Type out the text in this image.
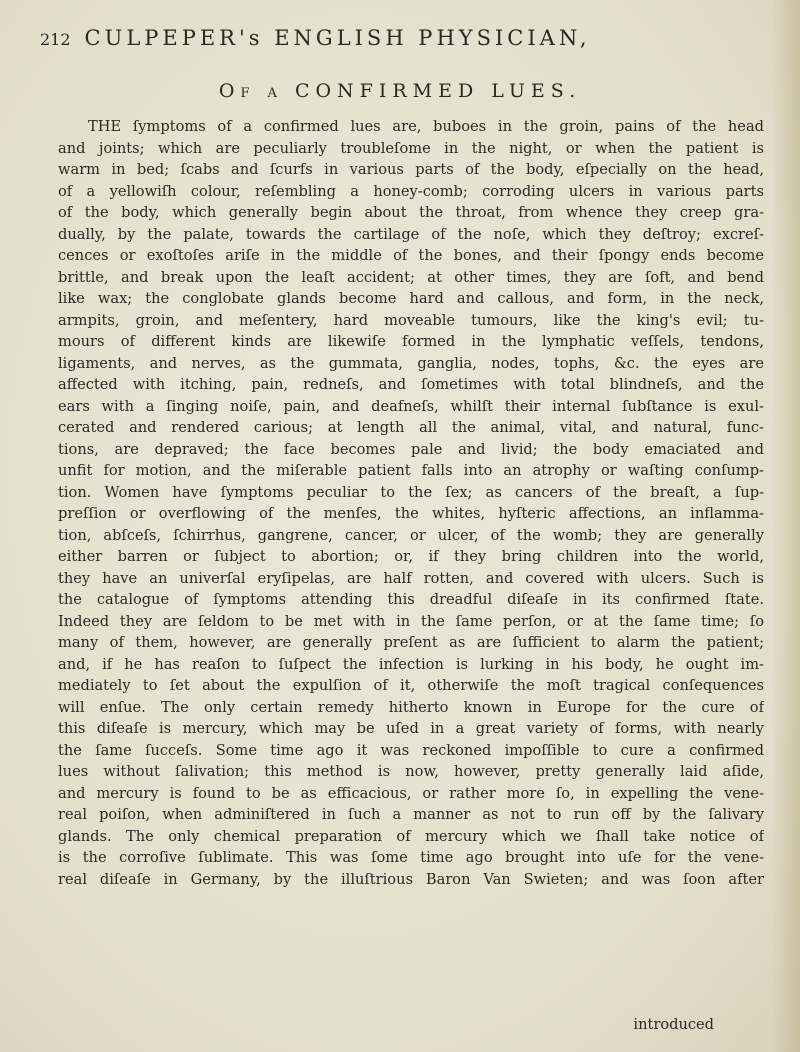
212 CULPEPER's ENGLISH PHYSICIAN,
Of a CONFIRMED LUES.
THE ſymptoms of a confirmed lues are, buboes in the groin, pains of the head
and joints; which are peculiarly troubleſome in the night, or when the patient is
warm in bed; ſcabs and ſcurfs in various parts of the body, eſpecially on the head,
of a yellowiſh colour, reſembling a honey-comb; corroding ulcers in various parts
of the body, which generally begin about the throat, from whence they creep gra-
dually, by the palate, towards the cartilage of the noſe, which they deſtroy; excreſ-
cences or exoſtoſes ariſe in the middle of the bones, and their ſpongy ends become
brittle, and break upon the leaſt accident; at other times, they are ſoft, and bend
like wax; the conglobate glands become hard and callous, and form, in the neck,
armpits, groin, and meſentery, hard moveable tumours, like the king's evil; tu-
mours of different kinds are likewiſe formed in the lymphatic veſſels, tendons,
ligaments, and nerves, as the gummata, ganglia, nodes, tophs, &c. the eyes are
affected with itching, pain, redneſs, and ſometimes with total blindneſs, and the
ears with a ſinging noiſe, pain, and deafneſs, whilſt their internal ſubſtance is exul-
cerated and rendered carious; at length all the animal, vital, and natural, func-
tions, are depraved; the face becomes pale and livid; the body emaciated and
unfit for motion, and the miſerable patient falls into an atrophy or waſting conſump-
tion. Women have ſymptoms peculiar to the ſex; as cancers of the breaſt, a ſup-
preſſion or overflowing of the menſes, the whites, hyſteric affections, an inflamma-
tion, abſceſs, ſchirrhus, gangrene, cancer, or ulcer, of the womb; they are generally
either barren or ſubject to abortion; or, if they bring children into the world,
they have an univerſal eryſipelas, are half rotten, and covered with ulcers. Such is
the catalogue of ſymptoms attending this dreadful diſeaſe in its confirmed ſtate.
Indeed they are ſeldom to be met with in the ſame perſon, or at the ſame time; ſo
many of them, however, are generally preſent as are ſufficient to alarm the patient;
and, if he has reaſon to ſuſpect the infection is lurking in his body, he ought im-
mediately to ſet about the expulſion of it, otherwiſe the moſt tragical conſequences
will enſue. The only certain remedy hitherto known in Europe for the cure of
this diſeaſe is mercury, which may be uſed in a great variety of forms, with nearly
the ſame ſucceſs. Some time ago it was reckoned impoſſible to cure a confirmed
lues without ſalivation; this method is now, however, pretty generally laid aſide,
and mercury is found to be as efficacious, or rather more ſo, in expelling the vene-
real poiſon, when adminiſtered in ſuch a manner as not to run off by the ſalivary
glands. The only chemical preparation of mercury which we ſhall take notice of
is the corroſive ſublimate. This was ſome time ago brought into uſe for the vene-
real diſeaſe in Germany, by the illuſtrious Baron Van Swieten; and was ſoon after
introduced
